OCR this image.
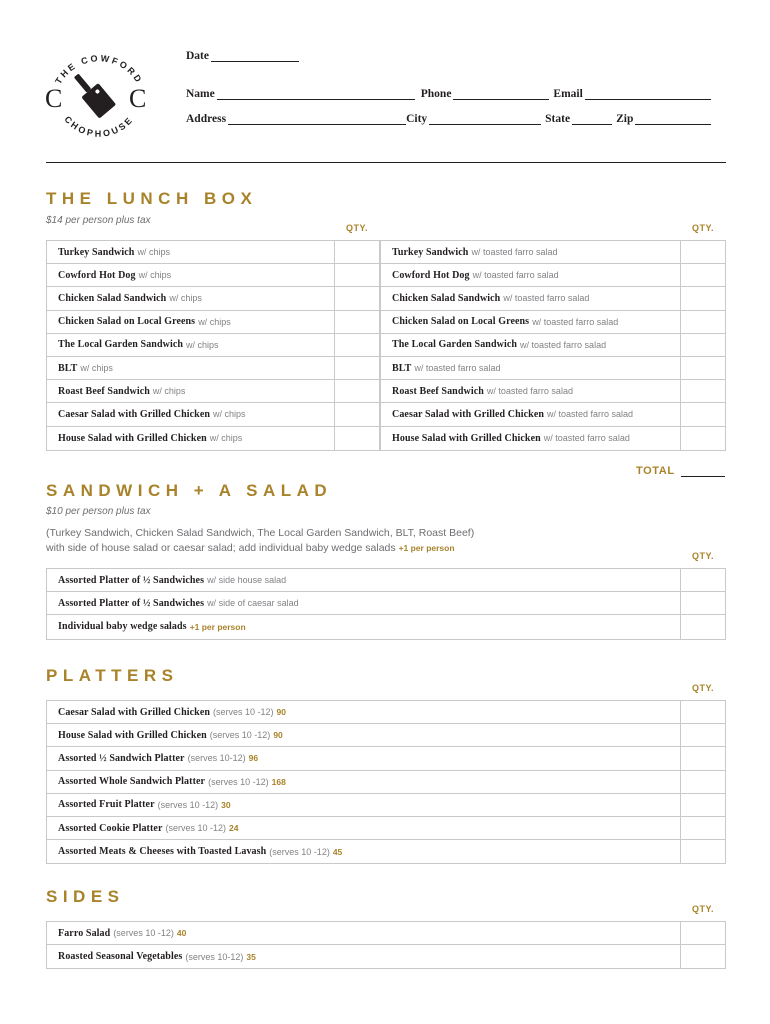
THE COWFORD
CHOPHOUSE
C	C
Date
Name	Phone	Email
Address	City	State	Zip
THE LUNCH BOX
$14 per person plus tax
QTY.	QTY.
Turkey Sandwich w/ chips
Cowford Hot Dog w/ chips
Chicken Salad Sandwich w/ chips
Chicken Salad on Local Greens w/ chips
The Local Garden Sandwich w/ chips
BLT w/ chips
Roast Beef Sandwich w/ chips
Caesar Salad with Grilled Chicken w/ chips
House Salad with Grilled Chicken w/ chips
Turkey Sandwich w/ toasted farro salad
Cowford Hot Dog w/ toasted farro salad
Chicken Salad Sandwich w/ toasted farro salad
Chicken Salad on Local Greens w/ toasted farro salad
The Local Garden Sandwich w/ toasted farro salad
BLT w/ toasted farro salad
Roast Beef Sandwich w/ toasted farro salad
Caesar Salad with Grilled Chicken w/ toasted farro salad
House Salad with Grilled Chicken w/ toasted farro salad
TOTAL
SANDWICH + A SALAD
$10 per person plus tax
(Turkey Sandwich, Chicken Salad Sandwich, The Local Garden Sandwich, BLT, Roast Beef)
with side of house salad or caesar salad; add individual baby wedge salads +1 per person
QTY.
Assorted Platter of ½ Sandwiches w/ side house salad
Assorted Platter of ½ Sandwiches w/ side of caesar salad
Individual baby wedge salads +1 per person
PLATTERS
QTY.
Caesar Salad with Grilled Chicken (serves 10 -12) 90
House Salad with Grilled Chicken (serves 10 -12) 90
Assorted ½ Sandwich Platter (serves 10-12) 96
Assorted Whole Sandwich Platter (serves 10 -12) 168
Assorted Fruit Platter (serves 10 -12) 30
Assorted Cookie Platter (serves 10 -12) 24
Assorted Meats & Cheeses with Toasted Lavash (serves 10 -12) 45
SIDES
QTY.
Farro Salad (serves 10 -12) 40
Roasted Seasonal Vegetables (serves 10-12) 35
